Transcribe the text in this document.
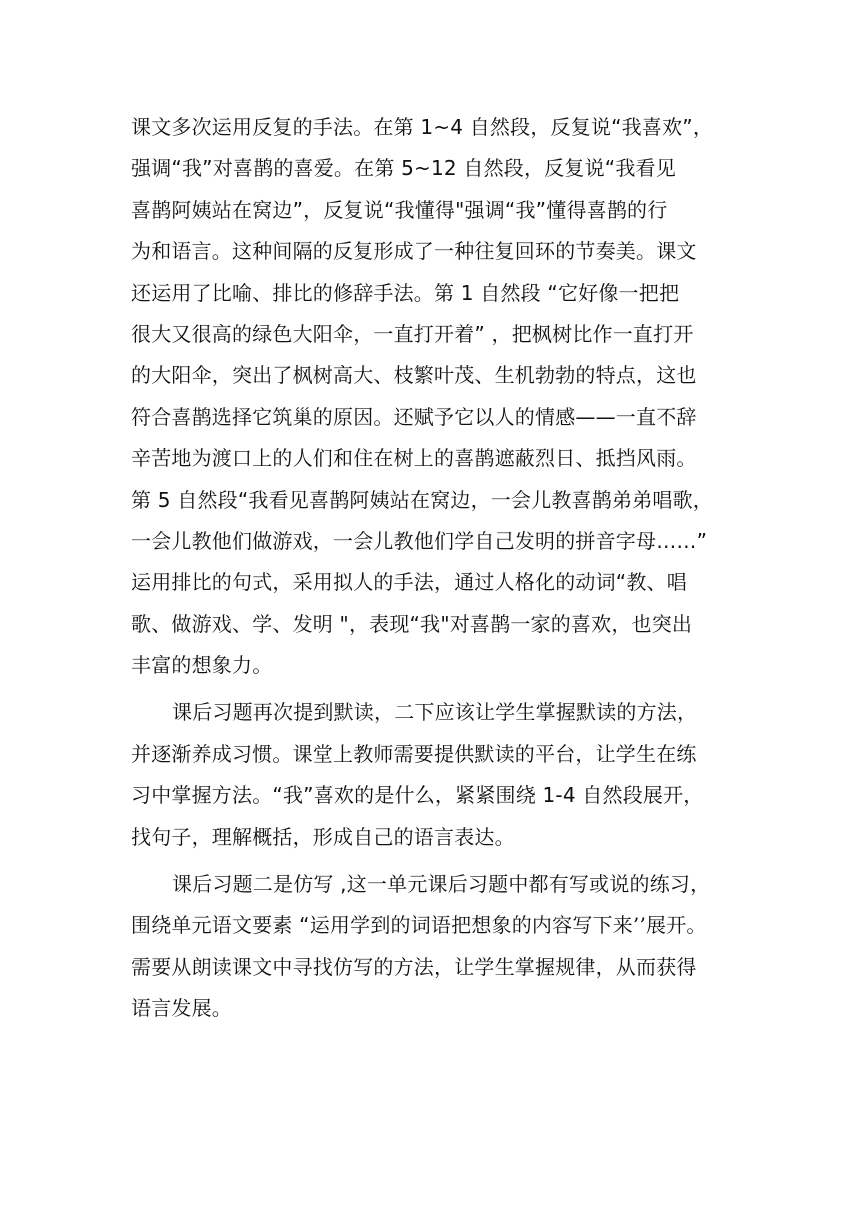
课文多次运用反复的手法。在第 1~4 自然段，反复说“我喜欢”，
强调“我”对喜鹊的喜爱。在第 5~12 自然段，反复说“我看见
喜鹊阿姨站在窝边”，反复说“我懂得"强调“我”懂得喜鹊的行
为和语言。这种间隔的反复形成了一种往复回环的节奏美。课文
还运用了比喻、排比的修辞手法。第 1 自然段 “它好像一把把
很大又很高的绿色大阳伞，一直打开着” ，把枫树比作一直打开
的大阳伞，突出了枫树高大、枝繁叶茂、生机勃勃的特点，这也
符合喜鹊选择它筑巢的原因。还赋予它以人的情感——一直不辞
辛苦地为渡口上的人们和住在树上的喜鹊遮蔽烈日、抵挡风雨。
第 5 自然段“我看见喜鹊阿姨站在窝边，一会儿教喜鹊弟弟唱歌，
一会儿教他们做游戏，一会儿教他们学自己发明的拼音字母……”
运用排比的句式，采用拟人的手法，通过人格化的动词“教、唱
歌、做游戏、学、发明 "，表现“我"对喜鹊一家的喜欢，也突出
丰富的想象力。
课后习题再次提到默读，二下应该让学生掌握默读的方法，
并逐渐养成习惯。课堂上教师需要提供默读的平台，让学生在练
习中掌握方法。“我”喜欢的是什么，紧紧围绕 1-4 自然段展开，
找句子，理解概括，形成自己的语言表达。
课后习题二是仿写 ,这一单元课后习题中都有写或说的练习，
围绕单元语文要素 “运用学到的词语把想象的内容写下来’’展开。
需要从朗读课文中寻找仿写的方法，让学生掌握规律，从而获得
语言发展。
